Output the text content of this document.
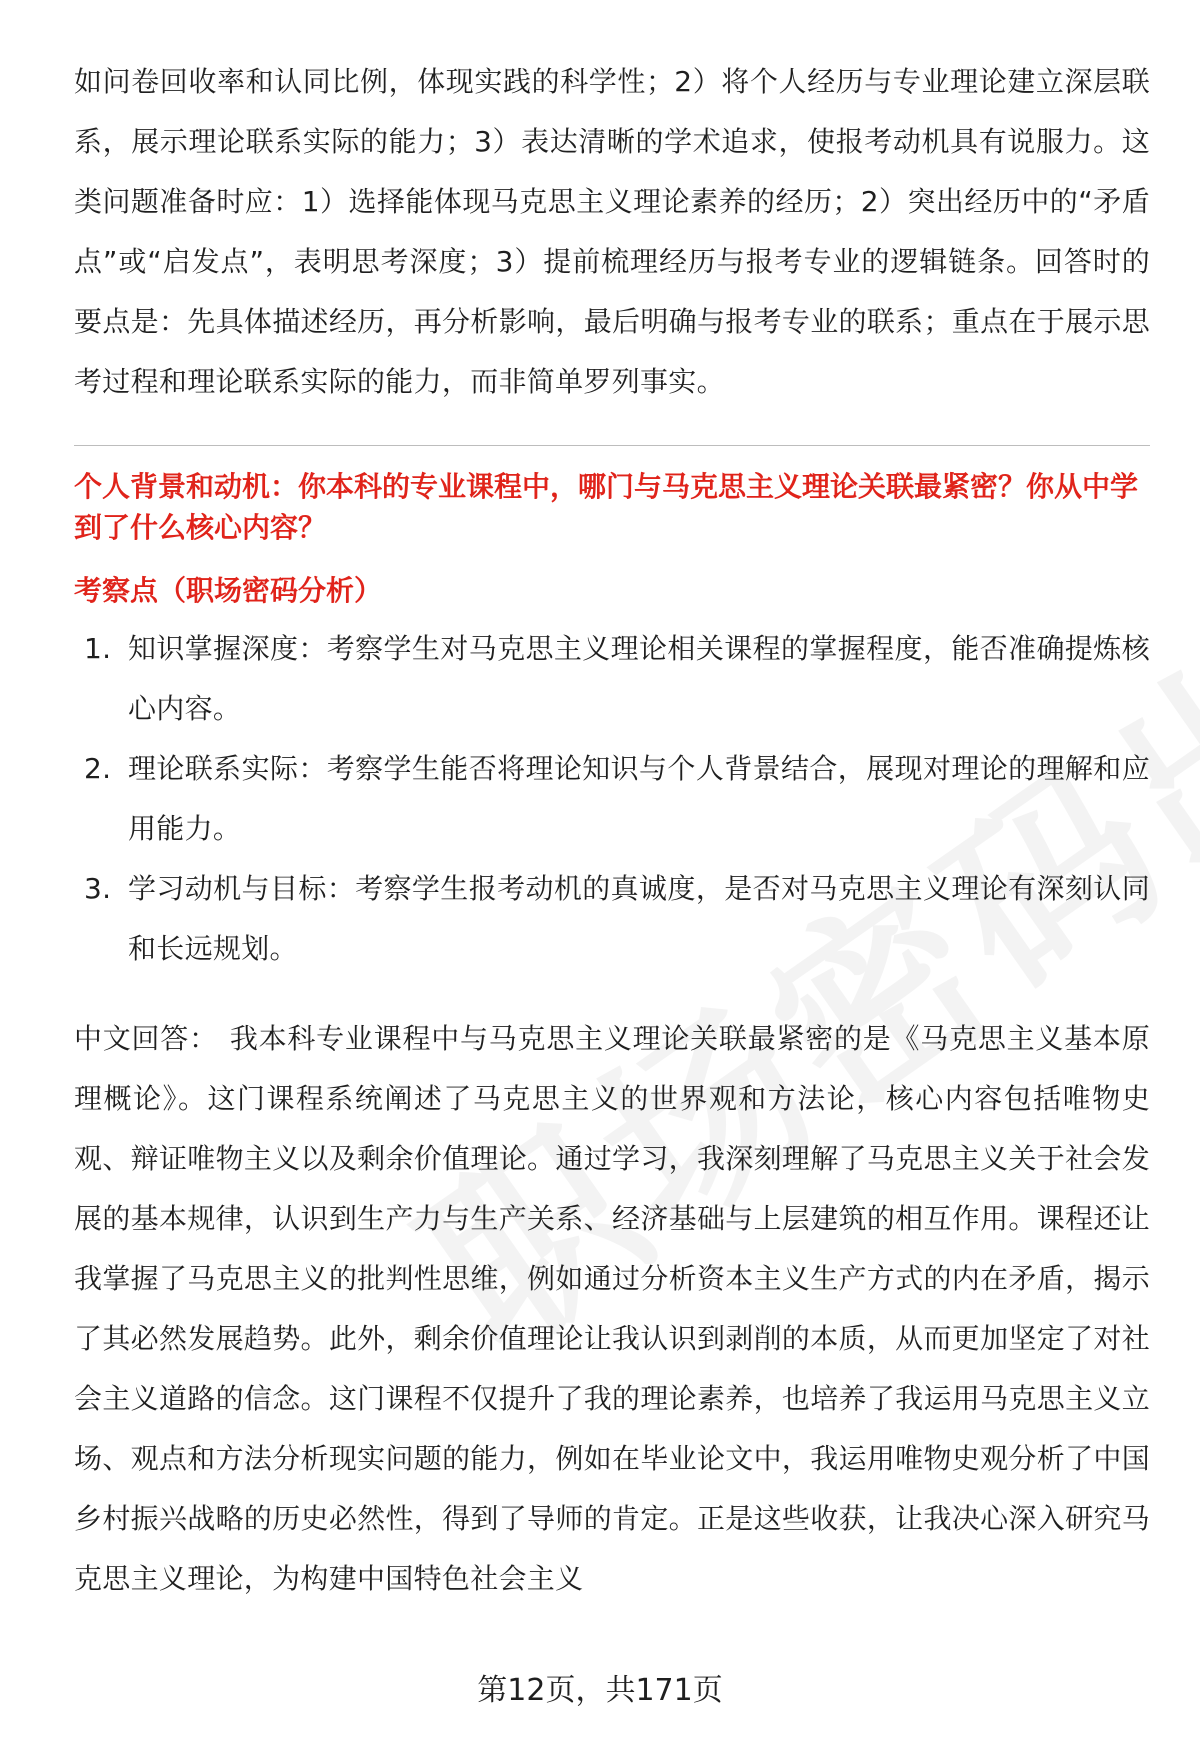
如问卷回收率和认同比例，体现实践的科学性；2）将个人经历与专业理论建立深层联系，展示理论联系实际的能力；3）表达清晰的学术追求，使报考动机具有说服力。这类问题准备时应：1）选择能体现马克思主义理论素养的经历；2）突出经历中的“矛盾点”或“启发点”，表明思考深度；3）提前梳理经历与报考专业的逻辑链条。回答时的要点是：先具体描述经历，再分析影响，最后明确与报考专业的联系；重点在于展示思考过程和理论联系实际的能力，而非简单罗列事实。

个人背景和动机：你本科的专业课程中，哪门与马克思主义理论关联最紧密？你从中学到了什么核心内容？

考察点（职场密码分析）

1. 知识掌握深度：考察学生对马克思主义理论相关课程的掌握程度，能否准确提炼核心内容。
2. 理论联系实际：考察学生能否将理论知识与个人背景结合，展现对理论的理解和应用能力。
3. 学习动机与目标：考察学生报考动机的真诚度，是否对马克思主义理论有深刻认同和长远规划。

中文回答： 我本科专业课程中与马克思主义理论关联最紧密的是《马克思主义基本原理概论》。这门课程系统阐述了马克思主义的世界观和方法论，核心内容包括唯物史观、辩证唯物主义以及剩余价值理论。通过学习，我深刻理解了马克思主义关于社会发展的基本规律，认识到生产力与生产关系、经济基础与上层建筑的相互作用。课程还让我掌握了马克思主义的批判性思维，例如通过分析资本主义生产方式的内在矛盾，揭示了其必然发展趋势。此外，剩余价值理论让我认识到剥削的本质，从而更加坚定了对社会主义道路的信念。这门课程不仅提升了我的理论素养，也培养了我运用马克思主义立场、观点和方法分析现实问题的能力，例如在毕业论文中，我运用唯物史观分析了中国乡村振兴战略的历史必然性，得到了导师的肯定。正是这些收获，让我决心深入研究马克思主义理论，为构建中国特色社会主义

第12页，共171页
